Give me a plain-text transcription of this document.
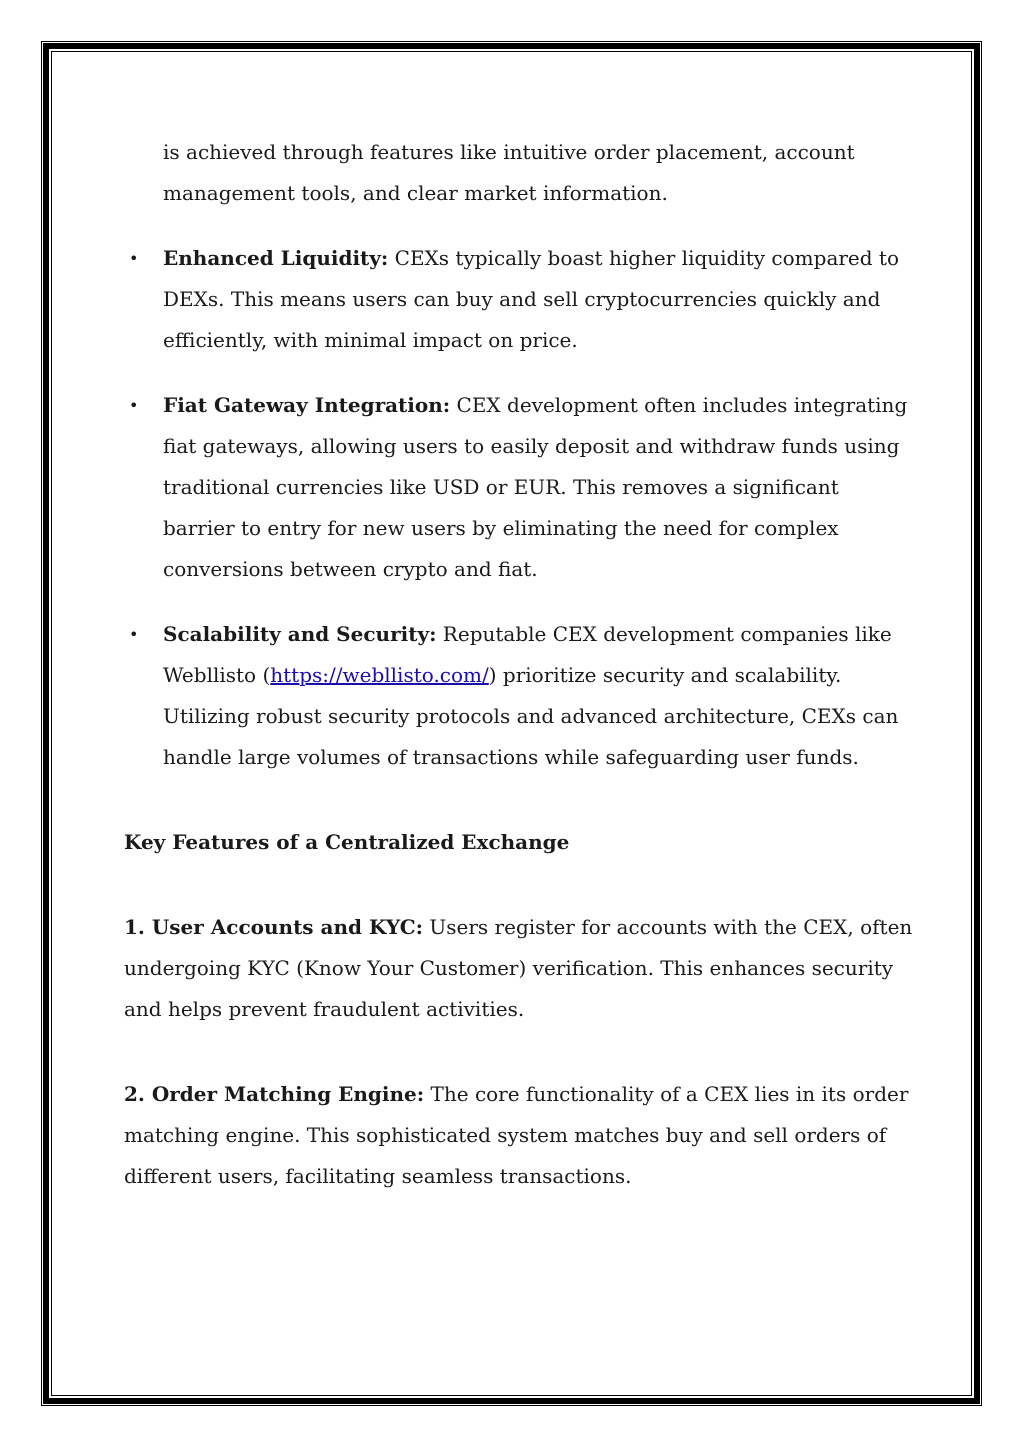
is achieved through features like intuitive order placement, account management tools, and clear market information.

• Enhanced Liquidity: CEXs typically boast higher liquidity compared to DEXs. This means users can buy and sell cryptocurrencies quickly and efficiently, with minimal impact on price.
• Fiat Gateway Integration: CEX development often includes integrating fiat gateways, allowing users to easily deposit and withdraw funds using traditional currencies like USD or EUR. This removes a significant barrier to entry for new users by eliminating the need for complex conversions between crypto and fiat.
• Scalability and Security: Reputable CEX development companies like Webllisto (https://webllisto.com/) prioritize security and scalability. Utilizing robust security protocols and advanced architecture, CEXs can handle large volumes of transactions while safeguarding user funds.
Key Features of a Centralized Exchange

1. User Accounts and KYC: Users register for accounts with the CEX, often undergoing KYC (Know Your Customer) verification. This enhances security and helps prevent fraudulent activities.

2. Order Matching Engine: The core functionality of a CEX lies in its order matching engine. This sophisticated system matches buy and sell orders of different users, facilitating seamless transactions.
